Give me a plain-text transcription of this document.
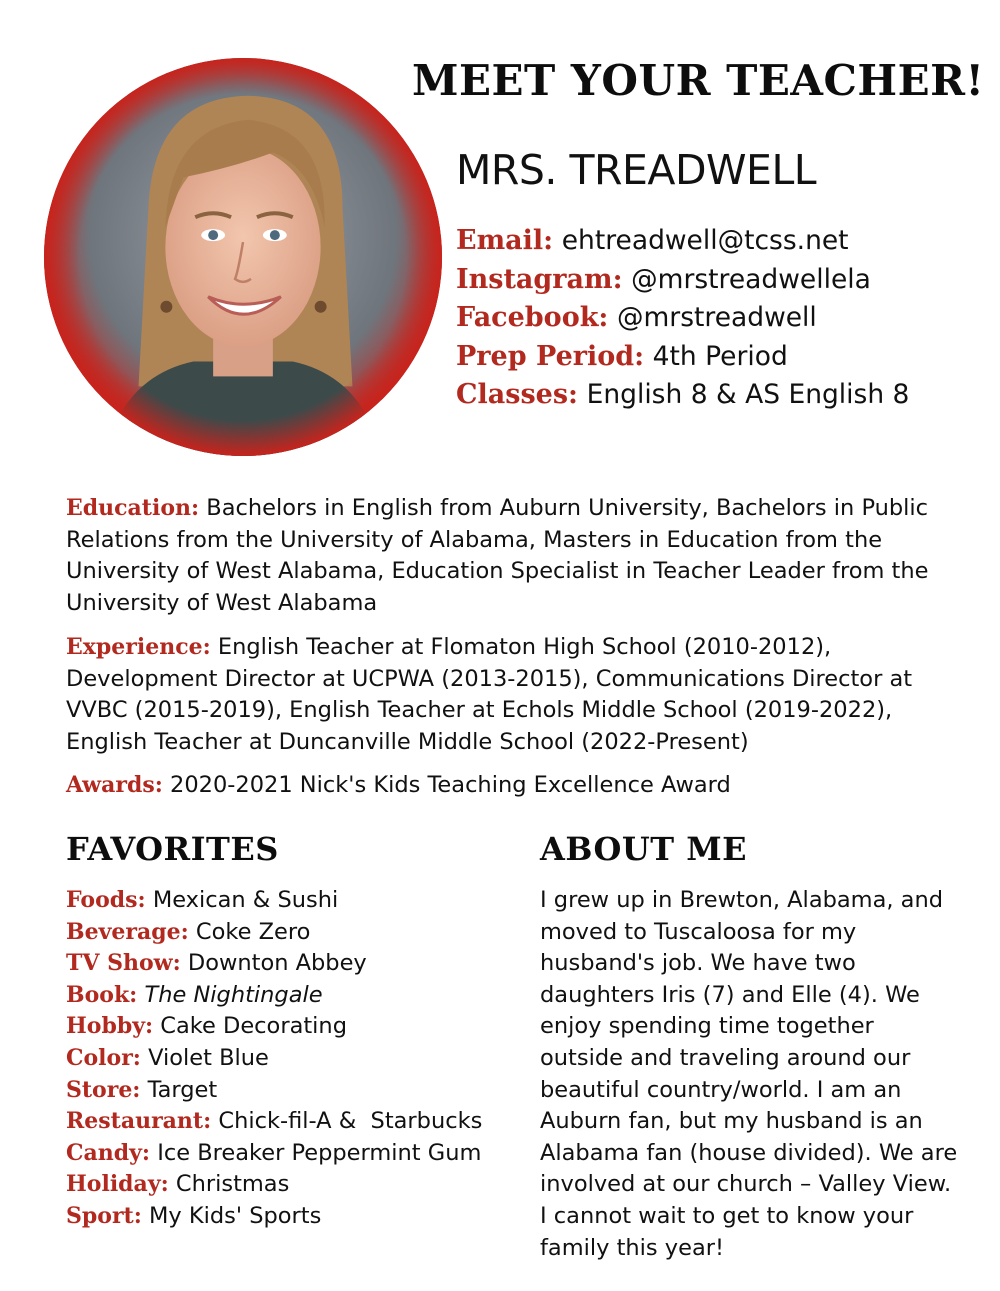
MEET YOUR TEACHER!
MRS. TREADWELL
Email: ehtreadwell@tcss.net
Instagram: @mrstreadwellela
Facebook: @mrstreadwell
Prep Period: 4th Period
Classes: English 8 & AS English 8
Education: Bachelors in English from Auburn University, Bachelors in Public Relations from the University of Alabama, Masters in Education from the University of West Alabama, Education Specialist in Teacher Leader from the University of West Alabama
Experience: English Teacher at Flomaton High School (2010-2012), Development Director at UCPWA (2013-2015), Communications Director at VVBC (2015-2019), English Teacher at Echols Middle School (2019-2022), English Teacher at Duncanville Middle School (2022-Present)
Awards: 2020-2021 Nick's Kids Teaching Excellence Award
FAVORITES	ABOUT ME
Foods: Mexican & Sushi
Beverage: Coke Zero
TV Show: Downton Abbey
Book: The Nightingale
Hobby: Cake Decorating
Color: Violet Blue
Store: Target
Restaurant: Chick-fil-A &  Starbucks
Candy: Ice Breaker Peppermint Gum
Holiday: Christmas
Sport: My Kids' Sports
I grew up in Brewton, Alabama, and moved to Tuscaloosa for my husband's job. We have two daughters Iris (7) and Elle (4). We enjoy spending time together outside and traveling around our beautiful country/world. I am an Auburn fan, but my husband is an Alabama fan (house divided). We are involved at our church – Valley View. I cannot wait to get to know your family this year!
